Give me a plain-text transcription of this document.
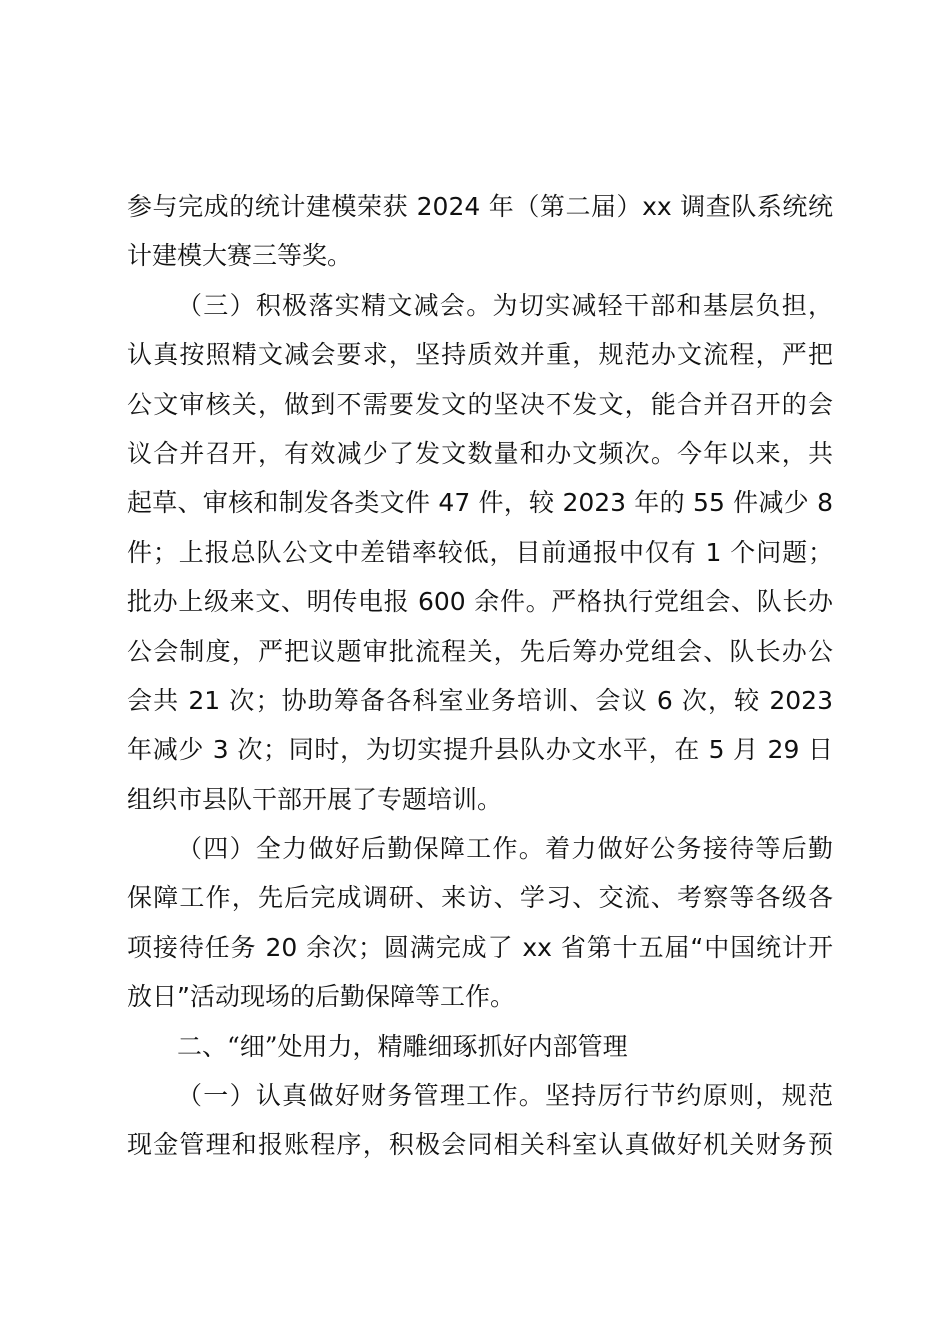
参与完成的统计建模荣获 2024 年（第二届）xx 调查队系统统
计建模大赛三等奖。
（三）积极落实精文减会。为切实减轻干部和基层负担，
认真按照精文减会要求，坚持质效并重，规范办文流程，严把
公文审核关，做到不需要发文的坚决不发文，能合并召开的会
议合并召开，有效减少了发文数量和办文频次。今年以来，共
起草、审核和制发各类文件 47 件，较 2023 年的 55 件减少 8
件；上报总队公文中差错率较低，目前通报中仅有 1 个问题；
批办上级来文、明传电报 600 余件。严格执行党组会、队长办
公会制度，严把议题审批流程关，先后筹办党组会、队长办公
会共 21 次；协助筹备各科室业务培训、会议 6 次，较 2023
年减少 3 次；同时，为切实提升县队办文水平，在 5 月 29 日
组织市县队干部开展了专题培训。
（四）全力做好后勤保障工作。着力做好公务接待等后勤
保障工作，先后完成调研、来访、学习、交流、考察等各级各
项接待任务 20 余次；圆满完成了 xx 省第十五届“中国统计开
放日”活动现场的后勤保障等工作。
二、“细”处用力，精雕细琢抓好内部管理
（一）认真做好财务管理工作。坚持厉行节约原则，规范
现金管理和报账程序，积极会同相关科室认真做好机关财务预
